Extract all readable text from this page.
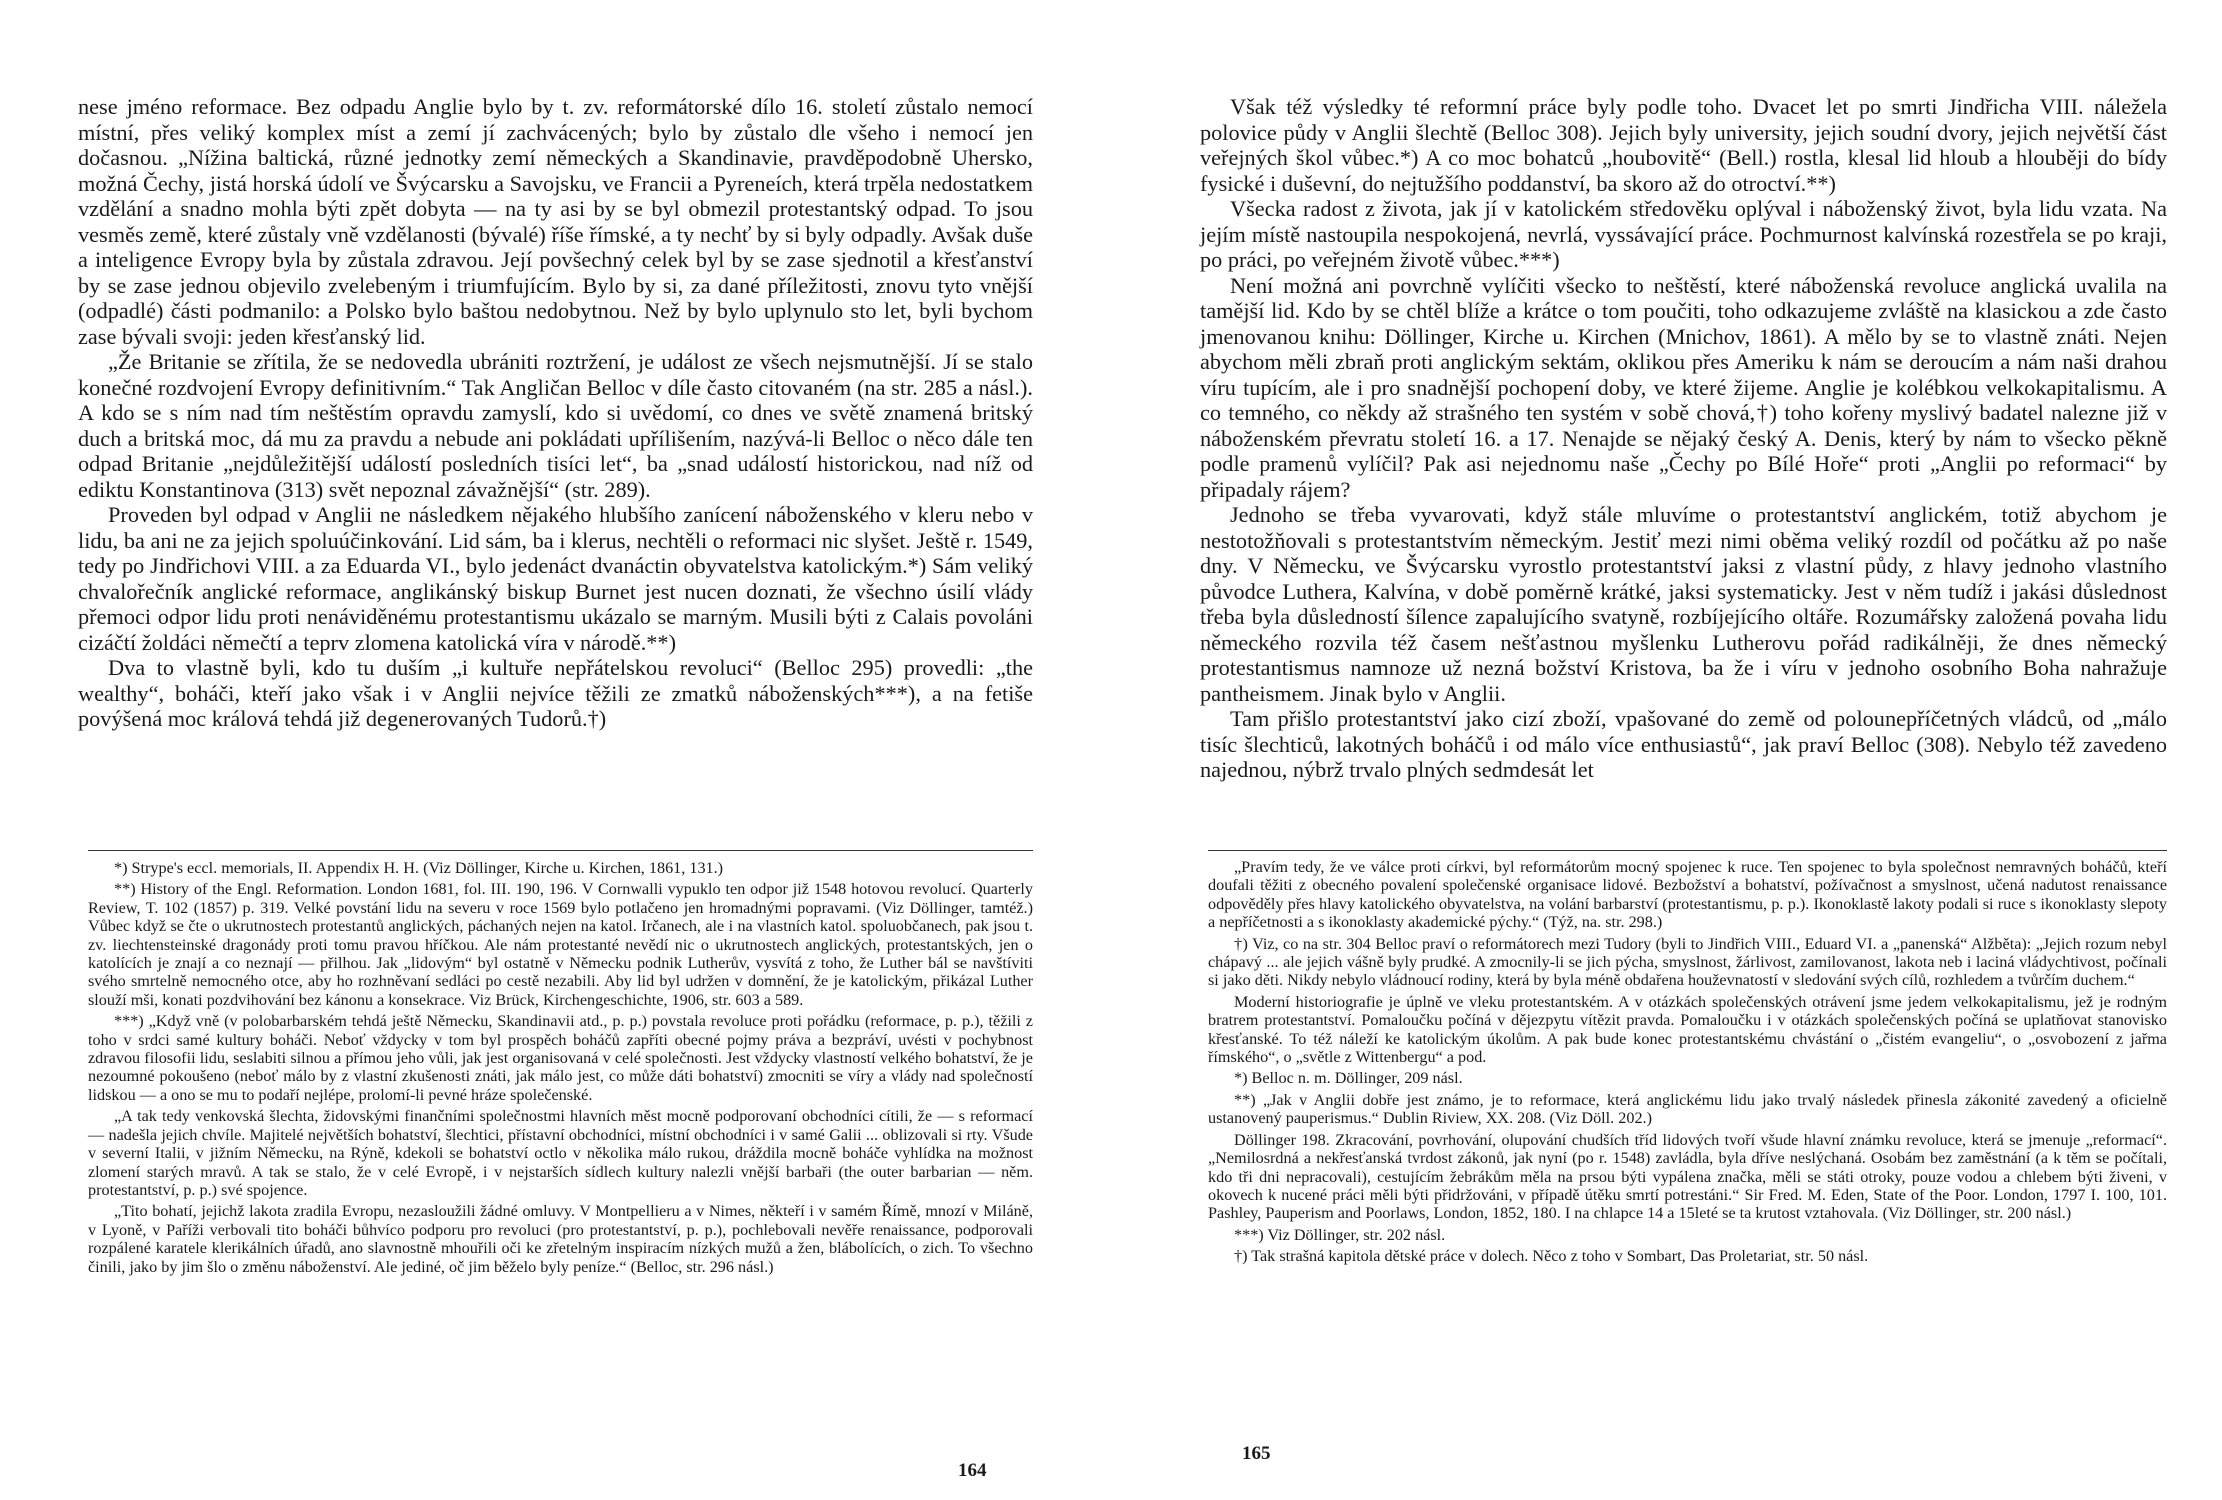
nese jméno reformace. Bez odpadu Anglie bylo by t. zv. reformátorské dílo 16. století zůstalo nemocí místní, přes veliký komplex míst a zemí jí zachvácených; bylo by zůstalo dle všeho i nemocí jen dočasnou. „Nížina baltická, různé jednotky zemí německých a Skandinavie, pravděpodobně Uhersko, možná Čechy, jistá horská údolí ve Švýcarsku a Savojsku, ve Francii a Pyreneích, která trpěla nedostatkem vzdělání a snadno mohla býti zpět dobyta — na ty asi by se byl obmezil protestantský odpad. To jsou vesměs země, které zůstaly vně vzdělanosti (bývalé) říše římské, a ty nechť by si byly odpadly. Avšak duše a inteligence Evropy byla by zůstala zdravou. Její povšechný celek byl by se zase sjednotil a křesťanství by se zase jednou objevilo zvelebeným i triumfujícím. Bylo by si, za dané příležitosti, znovu tyto vnější (odpadlé) části podmanilo: a Polsko bylo baštou nedobytnou. Než by bylo uplynulo sto let, byli bychom zase bývali svoji: jeden křesťanský lid.

„Že Britanie se zřítila, že se nedovedla ubrániti roztržení, je událost ze všech nejsmutnější. Jí se stalo konečné rozdvojení Evropy definitivním.“ Tak Angličan Belloc v díle často citovaném (na str. 285 a násl.). A kdo se s ním nad tím neštěstím opravdu zamyslí, kdo si uvědomí, co dnes ve světě znamená britský duch a britská moc, dá mu za pravdu a nebude ani pokládati upřílišením, nazývá-li Belloc o něco dále ten odpad Britanie „nejdůležitější událostí posledních tisíci let“, ba „snad událostí historickou, nad níž od ediktu Konstantinova (313) svět nepoznal závažnější“ (str. 289).

Proveden byl odpad v Anglii ne následkem nějakého hlubšího zanícení náboženského v kleru nebo v lidu, ba ani ne za jejich spoluúčinkování. Lid sám, ba i klerus, nechtěli o reformaci nic slyšet. Ještě r. 1549, tedy po Jindřichovi VIII. a za Eduarda VI., bylo jedenáct dvanáctin obyvatelstva katolickým.*) Sám veliký chvalořečník anglické reformace, anglikánský biskup Burnet jest nucen doznati, že všechno úsilí vlády přemoci odpor lidu proti nenáviděnému protestantismu ukázalo se marným. Musili býti z Calais povoláni cizáčtí žoldáci němečtí a teprv zlomena katolická víra v národě.**)

Dva to vlastně byli, kdo tu duším „i kultuře nepřátelskou revoluci“ (Belloc 295) provedli: „the wealthy“, boháči, kteří jako však i v Anglii nejvíce těžili ze zmatků náboženských***), a na fetiše povýšená moc králová tehdá již degenerovaných Tudorů.†)

*) Strype's eccl. memorials, II. Appendix H. H. (Viz Döllinger, Kirche u. Kirchen, 1861, 131.)

**) History of the Engl. Reformation. London 1681, fol. III. 190, 196. V Cornwalli vypuklo ten odpor již 1548 hotovou revolucí. Quarterly Review, T. 102 (1857) p. 319. Velké povstání lidu na severu v roce 1569 bylo potlačeno jen hromadnými popravami. (Viz Döllinger, tamtéž.) Vůbec když se čte o ukrutnostech protestantů anglických, páchaných nejen na katol. Irčanech, ale i na vlastních katol. spoluobčanech, pak jsou t. zv. liechtensteinské dragonády proti tomu pravou hříčkou. Ale nám protestanté nevědí nic o ukrutnostech anglických, protestantských, jen o katolících je znají a co neznají — přilhou. Jak „lidovým“ byl ostatně v Německu podnik Lutherův, vysvítá z toho, že Luther bál se navštíviti svého smrtelně nemocného otce, aby ho rozhněvaní sedláci po cestě nezabili. Aby lid byl udržen v domnění, že je katolickým, přikázal Luther slouží mši, konati pozdvihování bez kánonu a konsekrace. Viz Brück, Kirchengeschichte, 1906, str. 603 a 589.

***) „Když vně (v polobarbarském tehdá ještě Německu, Skandinavii atd., p. p.) povstala revoluce proti pořádku (reformace, p. p.), těžili z toho v srdci samé kultury boháči. Neboť vždycky v tom byl prospěch boháčů zapříti obecné pojmy práva a bezpráví, uvésti v pochybnost zdravou filosofii lidu, seslabiti silnou a přímou jeho vůli, jak jest organisovaná v celé společnosti. Jest vždycky vlastností velkého bohatství, že je nezoumné pokoušeno (neboť málo by z vlastní zkušenosti znáti, jak málo jest, co může dáti bohatství) zmocniti se víry a vlády nad společností lidskou — a ono se mu to podaří nejlépe, prolomí-li pevné hráze společenské.

„A tak tedy venkovská šlechta, židovskými finančními společnostmi hlavních měst mocně podporovaní obchodníci cítili, že — s reformací — nadešla jejich chvíle. Majitelé největších bohatství, šlechtici, přístavní obchodníci, místní obchodníci i v samé Galii ... oblizovali si rty. Všude v severní Italii, v jižním Německu, na Rýně, kdekoli se bohatství octlo v několika málo rukou, dráždila mocně boháče vyhlídka na možnost zlomení starých mravů. A tak se stalo, že v celé Evropě, i v nejstarších sídlech kultury nalezli vnější barbaři (the outer barbarian — něm. protestantství, p. p.) své spojence.

„Tito bohatí, jejichž lakota zradila Evropu, nezasloužili žádné omluvy. V Montpellieru a v Nimes, někteří i v samém Římě, mnozí v Miláně, v Lyoně, v Paříži verbovali tito boháči bůhvíco podporu pro revoluci (pro protestantství, p. p.), pochlebovali nevěře renaissance, podporovali rozpálené karatele klerikálních úřadů, ano slavnostně mhouřili oči ke zřetelným inspiracím nízkých mužů a žen, blábolících, o zich. To všechno činili, jako by jim šlo o změnu náboženství. Ale jediné, oč jim běželo byly peníze.“ (Belloc, str. 296 násl.)

164

Však též výsledky té reformní práce byly podle toho. Dvacet let po smrti Jindřicha VIII. náležela polovice půdy v Anglii šlechtě (Belloc 308). Jejich byly university, jejich soudní dvory, jejich největší část veřejných škol vůbec.*) A co moc bohatců „houbovitě“ (Bell.) rostla, klesal lid hloub a hlouběji do bídy fysické i duševní, do nejtužšího poddanství, ba skoro až do otroctví.**)

Všecka radost z života, jak jí v katolickém středověku oplýval i náboženský život, byla lidu vzata. Na jejím místě nastoupila nespokojená, nevrlá, vyssávající práce. Pochmurnost kalvínská rozestřela se po kraji, po práci, po veřejném životě vůbec.***)

Není možná ani povrchně vylíčiti všecko to neštěstí, které náboženská revoluce anglická uvalila na tamější lid. Kdo by se chtěl blíže a krátce o tom poučiti, toho odkazujeme zvláště na klasickou a zde často jmenovanou knihu: Döllinger, Kirche u. Kirchen (Mnichov, 1861). A mělo by se to vlastně znáti. Nejen abychom měli zbraň proti anglickým sektám, oklikou přes Ameriku k nám se deroucím a nám naši drahou víru tupícím, ale i pro snadnější pochopení doby, ve které žijeme. Anglie je kolébkou velkokapitalismu. A co temného, co někdy až strašného ten systém v sobě chová,†) toho kořeny myslivý badatel nalezne již v náboženském převratu století 16. a 17. Nenajde se nějaký český A. Denis, který by nám to všecko pěkně podle pramenů vylíčil? Pak asi nejednomu naše „Čechy po Bílé Hoře“ proti „Anglii po reformaci“ by připadaly rájem?

Jednoho se třeba vyvarovati, když stále mluvíme o protestantství anglickém, totiž abychom je nestotožňovali s protestantstvím německým. Jestiť mezi nimi oběma veliký rozdíl od počátku až po naše dny. V Německu, ve Švýcarsku vyrostlo protestantství jaksi z vlastní půdy, z hlavy jednoho vlastního původce Luthera, Kalvína, v době poměrně krátké, jaksi systematicky. Jest v něm tudíž i jakási důslednost třeba byla důsledností šílence zapalujícího svatyně, rozbíjejícího oltáře. Rozumářsky založená povaha lidu německého rozvila též časem nešťastnou myšlenku Lutherovu pořád radikálněji, že dnes německý protestantismus namnoze už nezná božství Kristova, ba že i víru v jednoho osobního Boha nahražuje pantheismem. Jinak bylo v Anglii.

Tam přišlo protestantství jako cizí zboží, vpašované do země od polounepříčetných vládců, od „málo tisíc šlechticů, lakotných boháčů i od málo více enthusiastů“, jak praví Belloc (308). Nebylo též zavedeno najednou, nýbrž trvalo plných sedmdesát let

„Pravím tedy, že ve válce proti církvi, byl reformátorům mocný spojenec k ruce. Ten spojenec to byla společnost nemravných boháčů, kteří doufali těžiti z obecného povalení společenské organisace lidové. Bezbožství a bohatství, požívačnost a smyslnost, učená nadutost renaissance odpověděly přes hlavy katolického obyvatelstva, na volání barbarství (protestantismu, p. p.). Ikonoklastě lakoty podali si ruce s ikonoklasty slepoty a nepříčetnosti a s ikonoklasty akademické pýchy.“ (Týž, na. str. 298.)

†) Viz, co na str. 304 Belloc praví o reformátorech mezi Tudory (byli to Jindřich VIII., Eduard VI. a „panenská“ Alžběta): „Jejich rozum nebyl chápavý ... ale jejich vášně byly prudké. A zmocnily-li se jich pýcha, smyslnost, žárlivost, zamilovanost, lakota neb i laciná vládychtivost, počínali si jako děti. Nikdy nebylo vládnoucí rodiny, která by byla méně obdařena houževnatostí v sledování svých cílů, rozhledem a tvůrčím duchem.“

Moderní historiografie je úplně ve vleku protestantském. A v otázkách společenských otrávení jsme jedem velkokapitalismu, jež je rodným bratrem protestantství. Pomaloučku počíná v dějezpytu vítězit pravda. Pomaloučku i v otázkách společenských počíná se uplatňovat stanovisko křesťanské. To též náleží ke katolickým úkolům. A pak bude konec protestantskému chvástání o „čistém evangeliu“, o „osvobození z jařma římského“, o „světle z Wittenbergu“ a pod.

*) Belloc n. m. Döllinger, 209 násl.

**) „Jak v Anglii dobře jest známo, je to reformace, která anglickému lidu jako trvalý následek přinesla zákonité zavedený a oficielně ustanovený pauperismus.“ Dublin Riview, XX. 208. (Viz Döll. 202.)

Döllinger 198. Zkracování, povrhování, olupování chudších tříd lidových tvoří všude hlavní známku revoluce, která se jmenuje „reformací“. „Nemilosrdná a nekřesťanská tvrdost zákonů, jak nyní (po r. 1548) zavládla, byla dříve neslýchaná. Osobám bez zaměstnání (a k těm se počítali, kdo tři dni nepracovali), cestujícím žebrákům měla na prsou býti vypálena značka, měli se státi otroky, pouze vodou a chlebem býti živeni, v okovech k nucené práci měli býti přidržováni, v případě útěku smrtí potrestáni.“ Sir Fred. M. Eden, State of the Poor. London, 1797 I. 100, 101. Pashley, Pauperism and Poorlaws, London, 1852, 180. I na chlapce 14 a 15leté se ta krutost vztahovala. (Viz Döllinger, str. 200 násl.)

***) Viz Döllinger, str. 202 násl.

†) Tak strašná kapitola dětské práce v dolech. Něco z toho v Sombart, Das Proletariat, str. 50 násl.

165
